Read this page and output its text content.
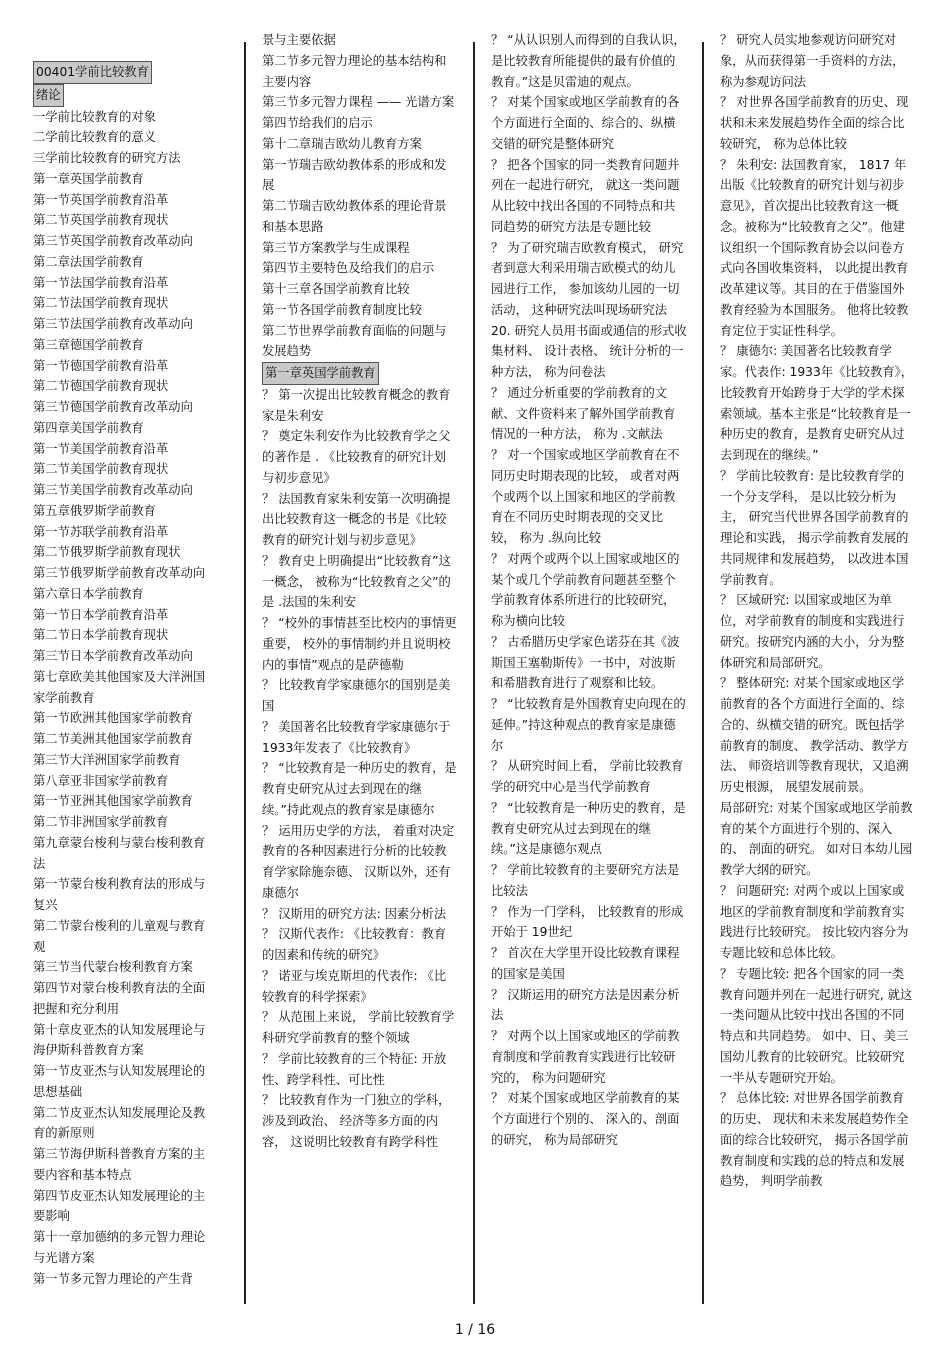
00401学前比较教育

绪论

一学前比较教育的对象

二学前比较教育的意义

三学前比较教育的研究方法

第一章英国学前教育

第一节英国学前教育沿革

第二节英国学前教育现状

第三节英国学前教育改革动向

第二章法国学前教育

第一节法国学前教育沿革

第二节法国学前教育现状

第三节法国学前教育改革动向

第三章德国学前教育

第一节德国学前教育沿革

第二节德国学前教育现状

第三节德国学前教育改革动向

第四章美国学前教育

第一节美国学前教育沿革

第二节美国学前教育现状

第三节美国学前教育改革动向

第五章俄罗斯学前教育

第一节苏联学前教育沿革

第二节俄罗斯学前教育现状

第三节俄罗斯学前教育改革动向

第六章日本学前教育

第一节日本学前教育沿革

第二节日本学前教育现状

第三节日本学前教育改革动向

第七章欧美其他国家及大洋洲国家学前教育

第一节欧洲其他国家学前教育

第二节美洲其他国家学前教育

第三节大洋洲国家学前教育

第八章亚非国家学前教育

第一节亚洲其他国家学前教育

第二节非洲国家学前教育

第九章蒙台梭利与蒙台梭利教育法

第一节蒙台梭利教育法的形成与复兴

第二节蒙台梭利的儿童观与教育观

第三节当代蒙台梭利教育方案

第四节对蒙台梭利教育法的全面把握和充分利用

第十章皮亚杰的认知发展理论与海伊斯科普教育方案

第一节皮亚杰与认知发展理论的思想基础

第二节皮亚杰认知发展理论及教育的新原则

第三节海伊斯科普教育方案的主要内容和基本特点

第四节皮亚杰认知发展理论的主要影响

第十一章加德纳的多元智力理论与光谱方案

第一节多元智力理论的产生背

景与主要依据

第二节多元智力理论的基本结构和主要内容

第三节多元智力课程 —— 光谱方案

第四节给我们的启示

第十二章瑞吉欧幼儿教育方案

第一节瑞吉欧幼教体系的形成和发展

第二节瑞吉欧幼教体系的理论背景和基本思路

第三节方案教学与生成课程

第四节主要特色及给我们的启示

第十三章各国学前教育比较

第一节各国学前教育制度比较

第二节世界学前教育面临的问题与发展趋势

第一章英国学前教育

？ 第一次提出比较教育概念的教育家是朱利安

？ 奠定朱利安作为比较教育学之父的著作是 . 《比较教育的研究计划与初步意见》

？ 法国教育家朱利安第一次明确提出比较教育这一概念的书是《比较教育的研究计划与初步意见》

？ 教育史上明确提出“比较教育”这一概念， 被称为“比较教育之父”的是 .法国的朱利安

？ “校外的事情甚至比校内的事情更重要， 校外的事情制约并且说明校内的事情”观点的是萨德勒

？ 比较教育学家康德尔的国别是美国

？ 美国著名比较教育学家康德尔于 1933年发表了《比较教育》

？ “比较教育是一种历史的教育，是教育史研究从过去到现在的继续。”持此观点的教育家是康德尔

？ 运用历史学的方法， 着重对决定教育的各种因素进行分析的比较教育学家除施奈德、 汉斯以外，还有康德尔

？ 汉斯用的研究方法: 因素分析法

？ 汉斯代表作: 《比较教育：教育的因素和传统的研究》

？ 诺亚与埃克斯坦的代表作: 《比较教育的科学探索》

？ 从范围上来说， 学前比较教育学科研究学前教育的整个领域

？ 学前比较教育的三个特征: 开放性、跨学科性、可比性

？ 比较教育作为一门独立的学科， 涉及到政治、 经济等多方面的内容， 这说明比较教育有跨学科性

？ “从认识别人而得到的自我认识，是比较教育所能提供的最有价值的教育。”这是贝雷迪的观点。

？ 对某个国家或地区学前教育的各个方面进行全面的、综合的、纵横交错的研究是整体研究

？ 把各个国家的同一类教育问题并列在一起进行研究， 就这一类问题从比较中找出各国的不同特点和共同趋势的研究方法是专题比较

？ 为了研究瑞吉欧教育模式， 研究者到意大利采用瑞吉欧模式的幼儿园进行工作， 参加该幼儿园的一切活动， 这种研究法叫现场研究法

20. 研究人员用书面或通信的形式收集材料、 设计表格、 统计分析的一种方法， 称为问卷法

？ 通过分析重要的学前教育的文献、文件资料来了解外国学前教育情况的一种方法， 称为 .文献法

？ 对一个国家或地区学前教育在不同历史时期表现的比较， 或者对两个或两个以上国家和地区的学前教育在不同历史时期表现的交叉比较， 称为 .纵向比较

？ 对两个或两个以上国家或地区的某个或几个学前教育问题甚至整个学前教育体系所进行的比较研究， 称为横向比较

？ 古希腊历史学家色诺芬在其《波斯国王塞勒斯传》一书中，对波斯和希腊教育进行了观察和比较。

？ “比较教育是外国教育史向现在的延伸。”持这种观点的教育家是康德尔

？ 从研究时间上看， 学前比较教育学的研究中心是当代学前教育

？ “比较教育是一种历史的教育，是教育史研究从过去到现在的继续。”这是康德尔观点

？ 学前比较教育的主要研究方法是比较法

？ 作为一门学科， 比较教育的形成开始于 19世纪

？ 首次在大学里开设比较教育课程的国家是美国

？ 汉斯运用的研究方法是因素分析法

？ 对两个以上国家或地区的学前教育制度和学前教育实践进行比较研究的， 称为问题研究

？ 对某个国家或地区学前教育的某个方面进行个别的、 深入的、剖面的研究， 称为局部研究

？ 研究人员实地参观访问研究对象，从而获得第一手资料的方法， 称为参观访问法

？ 对世界各国学前教育的历史、现状和未来发展趋势作全面的综合比较研究， 称为总体比较

？ 朱利安: 法国教育家， 1817 年出版《比较教育的研究计划与初步意见》，首次提出比较教育这一概念。被称为“比较教育之父”。他建议组织一个国际教育协会以问卷方式向各国收集资料， 以此提出教育改革建议等。其目的在于借鉴国外教育经验为本国服务。 他将比较教育定位于实证性科学。

？ 康德尔: 美国著名比较教育学家。代表作: 1933年《比较教育》，比较教育开始跨身于大学的学术探索领域。基本主张是“比较教育是一种历史的教育，是教育史研究从过去到现在的继续。”

？ 学前比较教育: 是比较教育学的一个分支学科， 是以比较分析为主， 研究当代世界各国学前教育的理论和实践， 揭示学前教育发展的共同规律和发展趋势， 以改进本国学前教育。

？ 区域研究: 以国家或地区为单位，对学前教育的制度和实践进行研究。按研究内涵的大小，分为整体研究和局部研究。

？ 整体研究: 对某个国家或地区学前教育的各个方面进行全面的、综合的、纵横交错的研究。既包括学前教育的制度、 教学活动、教学方法、 师资培训等教育现状，又追溯历史根源， 展望发展前景。

局部研究: 对某个国家或地区学前教育的某个方面进行个别的、深入的、 剖面的研究。 如对日本幼儿园教学大纲的研究。

？ 问题研究: 对两个或以上国家或地区的学前教育制度和学前教育实践进行比较研究。 按比较内容分为专题比较和总体比较。

？ 专题比较: 把各个国家的同一类教育问题并列在一起进行研究, 就这一类问题从比较中找出各国的不同特点和共同趋势。 如中、日、美三国幼儿教育的比较研究。比较研究一半从专题研究开始。

？ 总体比较: 对世界各国学前教育的历史、 现状和未来发展趋势作全面的综合比较研究， 揭示各国学前教育制度和实践的总的特点和发展趋势， 判明学前教

1 / 16
